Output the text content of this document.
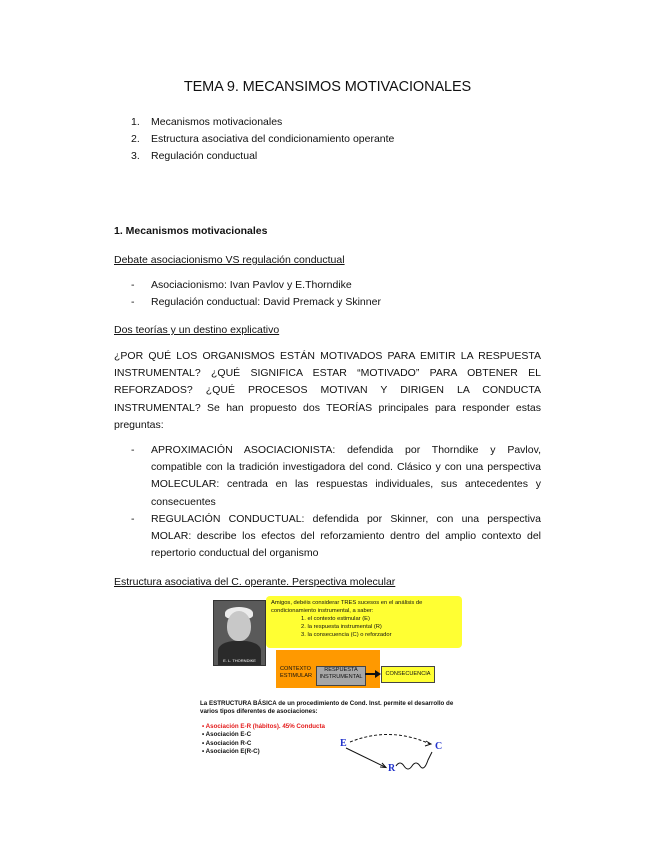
TEMA 9. MECANSIMOS MOTIVACIONALES
1. Mecanismos motivacionales
2. Estructura asociativa del condicionamiento operante
3. Regulación conductual
1. Mecanismos motivacionales
Debate asociacionismo VS regulación conductual
- Asociacionismo: Ivan Pavlov y E.Thorndike
- Regulación conductual: David Premack y Skinner
Dos teorías y un destino explicativo
¿POR QUÉ LOS ORGANISMOS ESTÁN MOTIVADOS PARA EMITIR LA RESPUESTA INSTRUMENTAL? ¿QUÉ SIGNIFICA ESTAR “MOTIVADO” PARA OBTENER EL REFORZADOS? ¿QUÉ PROCESOS MOTIVAN Y DIRIGEN LA CONDUCTA INSTRUMENTAL? Se han propuesto dos TEORÍAS principales para responder estas preguntas:
- APROXIMACIÓN ASOCIACIONISTA: defendida por Thorndike y Pavlov, compatible con la tradición investigadora del cond. Clásico y con una perspectiva MOLECULAR: centrada en las respuestas individuales, sus antecedentes y consecuentes
- REGULACIÓN CONDUCTUAL: defendida por Skinner, con una perspectiva MOLAR: describe los efectos del reforzamiento dentro del amplio contexto del repertorio conductual del organismo
Estructura asociativa del C. operante. Perspectiva molecular
E. L. THORNDIKE
Amigos, debéis considerar TRES sucesos en el análisis de condicionamiento instrumental, a saber:
1. el contexto estimular (E)
2. la respuesta instrumental (R)
3. la consecuencia (C) o reforzador
CONTEXTO ESTIMULAR
RESPUESTA INSTRUMENTAL	CONSECUENCIA
La ESTRUCTURA BÁSICA de un procedimiento de Cond. Inst. permite el desarrollo de varios tipos diferentes de asociaciones:
• Asociación E-R (hábitos). 45% Conducta
• Asociación E-C
• Asociación R-C
• Asociación E(R-C)
E
R
C
